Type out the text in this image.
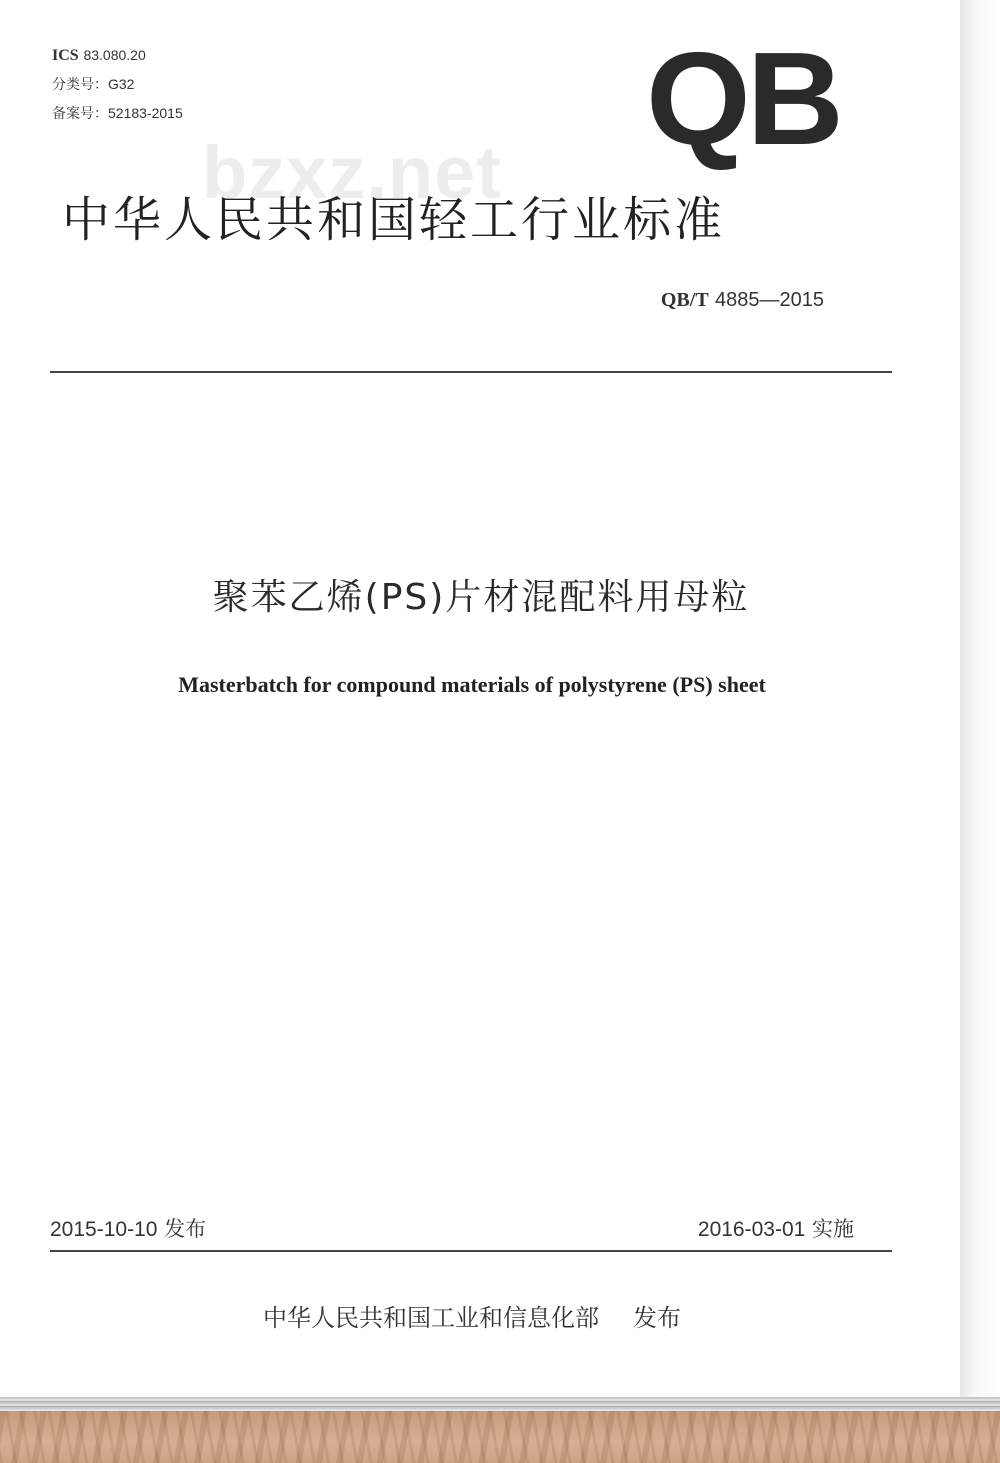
ICS 83.080.20
分类号：G32
备案号：52183-2015	QB
bzxz.net
中华人民共和国轻工行业标准
QB/T 4885—2015
聚苯乙烯(PS)片材混配料用母粒
Masterbatch for compound materials of polystyrene (PS) sheet
2015-10-10 发布	2016-03-01 实施
中华人民共和国工业和信息化部 发布
